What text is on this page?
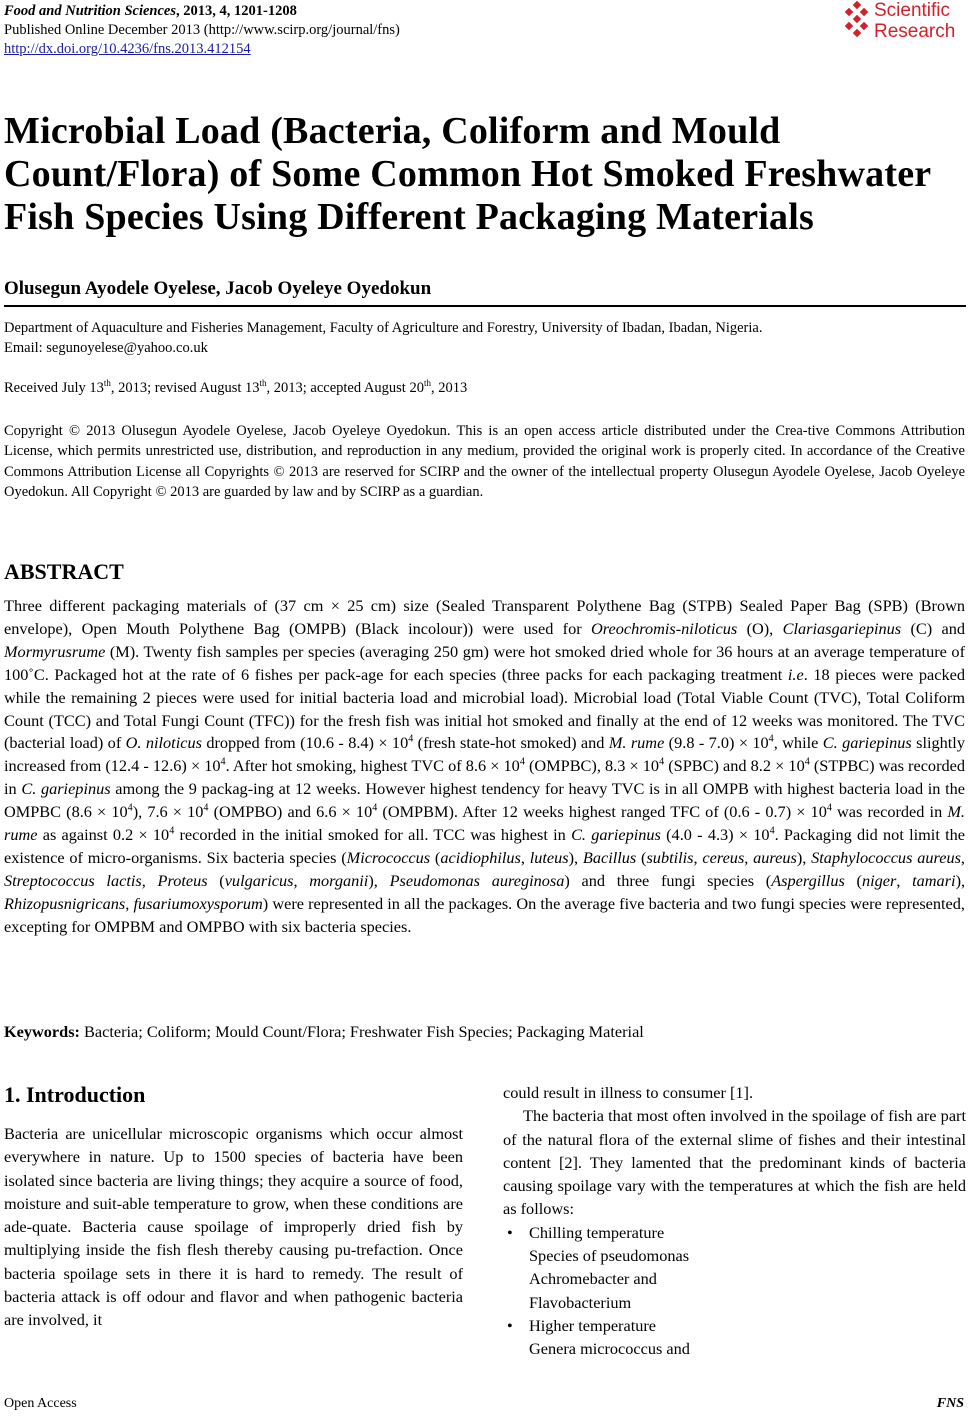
Food and Nutrition Sciences, 2013, 4, 1201-1208
Published Online December 2013 (http://www.scirp.org/journal/fns)
http://dx.doi.org/10.4236/fns.2013.412154
Scientific
Research
Microbial Load (Bacteria, Coliform and Mould Count/Flora) of Some Common Hot Smoked Freshwater Fish Species Using Different Packaging Materials
Olusegun Ayodele Oyelese, Jacob Oyeleye Oyedokun
Department of Aquaculture and Fisheries Management, Faculty of Agriculture and Forestry, University of Ibadan, Ibadan, Nigeria.
Email: segunoyelese@yahoo.co.uk
Received July 13th, 2013; revised August 13th, 2013; accepted August 20th, 2013
Copyright © 2013 Olusegun Ayodele Oyelese, Jacob Oyeleye Oyedokun. This is an open access article distributed under the Crea-tive Commons Attribution License, which permits unrestricted use, distribution, and reproduction in any medium, provided the original work is properly cited. In accordance of the Creative Commons Attribution License all Copyrights © 2013 are reserved for SCIRP and the owner of the intellectual property Olusegun Ayodele Oyelese, Jacob Oyeleye Oyedokun. All Copyright © 2013 are guarded by law and by SCIRP as a guardian.
ABSTRACT
Three different packaging materials of (37 cm × 25 cm) size (Sealed Transparent Polythene Bag (STPB) Sealed Paper Bag (SPB) (Brown envelope), Open Mouth Polythene Bag (OMPB) (Black incolour)) were used for Oreochromis-niloticus (O), Clariasgariepinus (C) and Mormyrusrume (M). Twenty fish samples per species (averaging 250 gm) were hot smoked dried whole for 36 hours at an average temperature of 100˚C. Packaged hot at the rate of 6 fishes per pack-age for each species (three packs for each packaging treatment i.e. 18 pieces were packed while the remaining 2 pieces were used for initial bacteria load and microbial load). Microbial load (Total Viable Count (TVC), Total Coliform Count (TCC) and Total Fungi Count (TFC)) for the fresh fish was initial hot smoked and finally at the end of 12 weeks was monitored. The TVC (bacterial load) of O. niloticus dropped from $(10.6 - 8.4) \times 10^4$ (fresh state-hot smoked) and M. rume $(9.8 - 7.0) \times 10^4$, while C. gariepinus slightly increased from $(12.4 - 12.6) \times 10^4$. After hot smoking, highest TVC of $8.6 \times 10^4$ (OMPBC), $8.3 \times 10^4$ (SPBC) and $8.2 \times 10^4$ (STPBC) was recorded in C. gariepinus among the 9 packag-ing at 12 weeks. However highest tendency for heavy TVC is in all OMPB with highest bacteria load in the OMPBC $(8.6 \times 10^4)$, $7.6 \times 10^4$ (OMPBO) and $6.6 \times 10^4$ (OMPBM). After 12 weeks highest ranged TFC of $(0.6 - 0.7) \times 10^4$ was recorded in M. rume as against $0.2 \times 10^4$ recorded in the initial smoked for all. TCC was highest in C. gariepinus $(4.0 - 4.3) \times 10^4$. Packaging did not limit the existence of micro-organisms. Six bacteria species (Micrococcus (acidiophilus, luteus), Bacillus (subtilis, cereus, aureus), Staphylococcus aureus, Streptococcus lactis, Proteus (vulgaricus, morganii), Pseudomonas aureginosa) and three fungi species (Aspergillus (niger, tamari), Rhizopusnigricans, fusariumoxysporum) were represented in all the packages. On the average five bacteria and two fungi species were represented, excepting for OMPBM and OMPBO with six bacteria species.
Keywords: Bacteria; Coliform; Mould Count/Flora; Freshwater Fish Species; Packaging Material
1. Introduction

Bacteria are unicellular microscopic organisms which occur almost everywhere in nature. Up to 1500 species of bacteria have been isolated since bacteria are living things; they acquire a source of food, moisture and suit-able temperature to grow, when these conditions are ade-quate. Bacteria cause spoilage of improperly dried fish by multiplying inside the fish flesh thereby causing pu-trefaction. Once bacteria spoilage sets in there it is hard to remedy. The result of bacteria attack is off odour and flavor and when pathogenic bacteria are involved, it

could result in illness to consumer [1].

The bacteria that most often involved in the spoilage of fish are part of the natural flora of the external slime of fishes and their intestinal content [2]. They lamented that the predominant kinds of bacteria causing spoilage vary with the temperatures at which the fish are held as follows:

• Chilling temperature
Species of pseudomonas
Achromebacter and
Flavobacterium
• Higher temperature
Genera micrococcus and
Open Access	FNS
